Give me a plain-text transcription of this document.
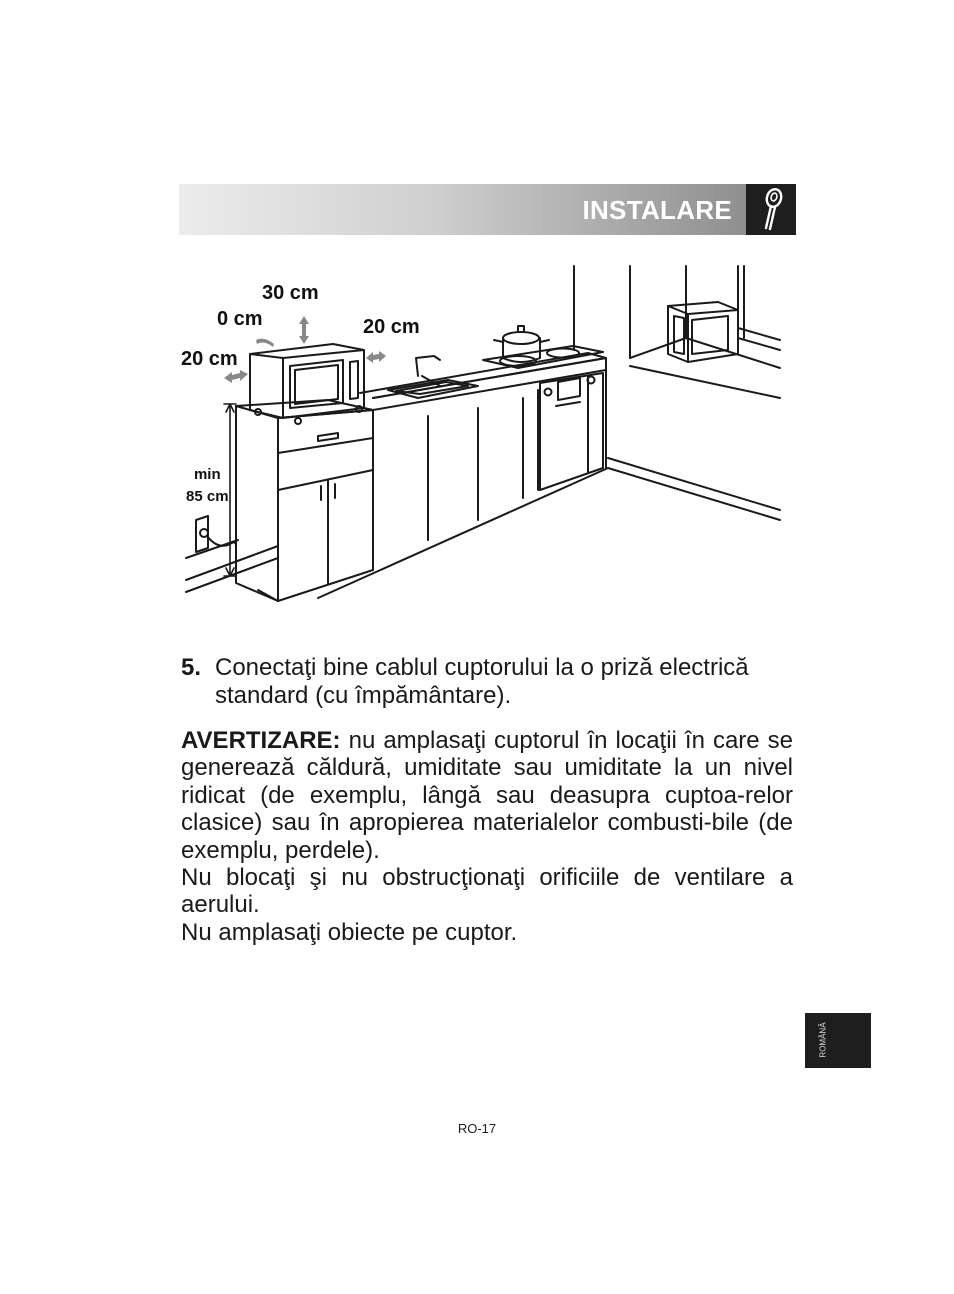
INSTALARE
30 cm
0 cm
20 cm
20 cm
min
85 cm
5. Conectaţi bine cablul cuptorului la o priză electrică standard (cu împământare).

AVERTIZARE: nu amplasaţi cuptorul în locaţii în care se generează căldură, umiditate sau umiditate la un nivel ridicat (de exemplu, lângă sau deasupra cuptoa-relor clasice) sau în apropierea materialelor combusti-bile (de exemplu, perdele).

Nu blocaţi şi nu obstrucţionaţi orificiile de ventilare a aerului.

Nu amplasaţi obiecte pe cuptor.

ROMÂNĂ
RO-17
